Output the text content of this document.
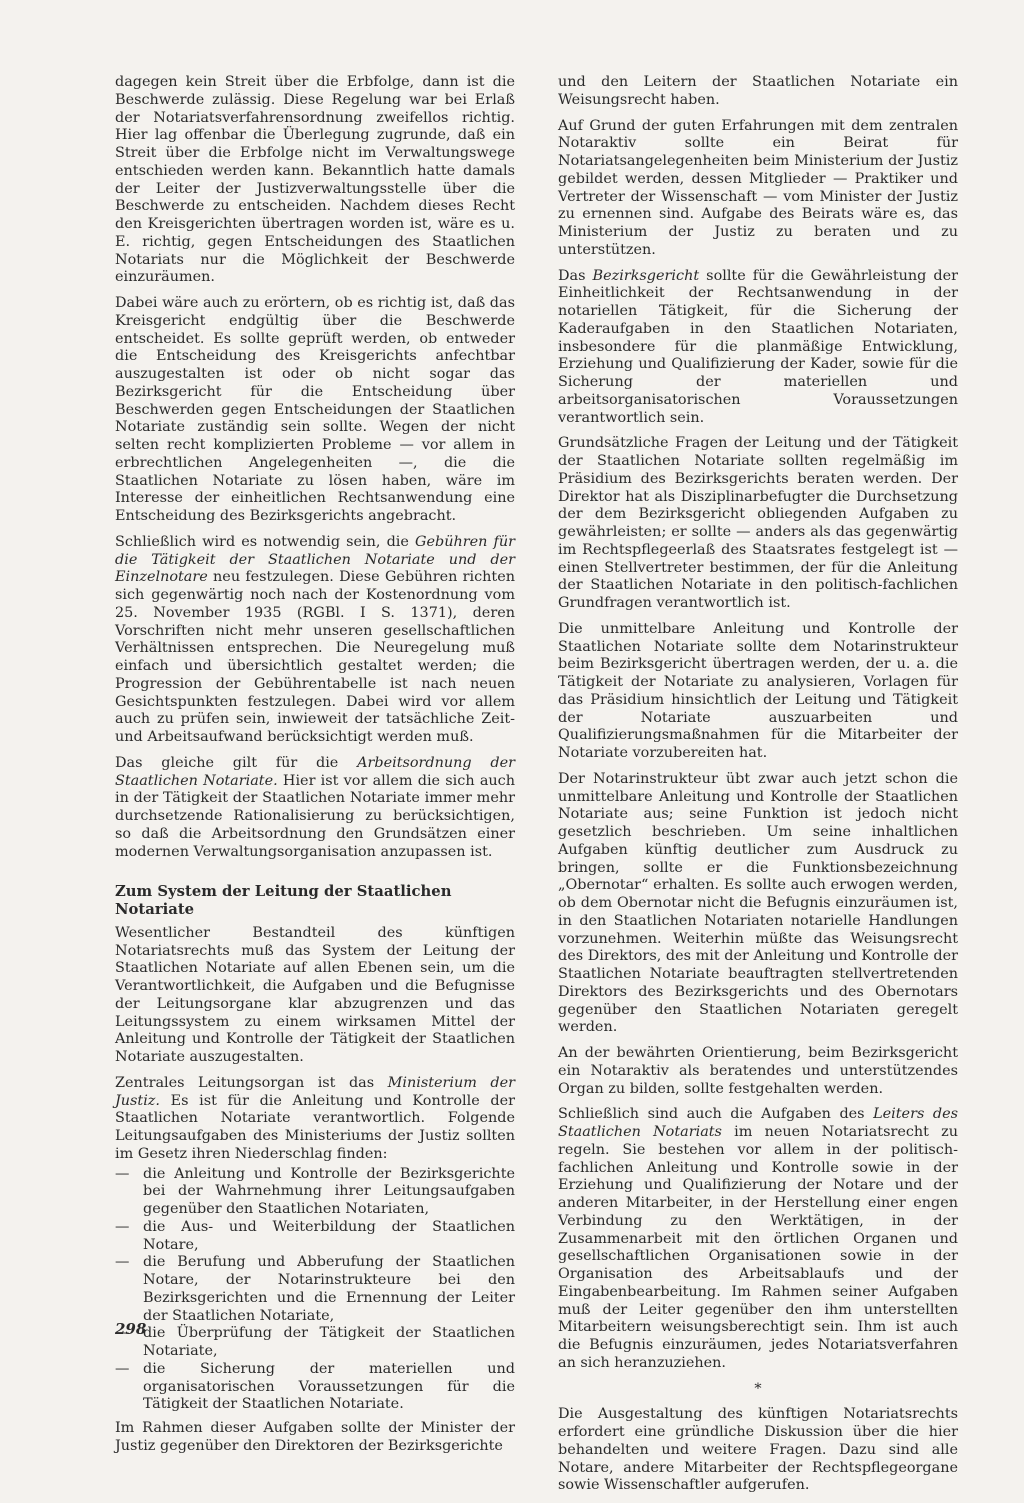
dagegen kein Streit über die Erbfolge, dann ist die Beschwerde zulässig. Diese Regelung war bei Erlaß der Notariatsverfahrensordnung zweifellos richtig. Hier lag offenbar die Überlegung zugrunde, daß ein Streit über die Erbfolge nicht im Verwaltungswege entschieden werden kann. Bekanntlich hatte damals der Leiter der Justizverwaltungsstelle über die Beschwerde zu entscheiden. Nachdem dieses Recht den Kreisgerichten übertragen worden ist, wäre es u. E. richtig, gegen Entscheidungen des Staatlichen Notariats nur die Möglichkeit der Beschwerde einzuräumen.

Dabei wäre auch zu erörtern, ob es richtig ist, daß das Kreisgericht endgültig über die Beschwerde entscheidet. Es sollte geprüft werden, ob entweder die Entscheidung des Kreisgerichts anfechtbar auszugestalten ist oder ob nicht sogar das Bezirksgericht für die Entscheidung über Beschwerden gegen Entscheidungen der Staatlichen Notariate zuständig sein sollte. Wegen der nicht selten recht komplizierten Probleme — vor allem in erbrechtlichen Angelegenheiten —, die die Staatlichen Notariate zu lösen haben, wäre im Interesse der einheitlichen Rechtsanwendung eine Entscheidung des Bezirksgerichts angebracht.

Schließlich wird es notwendig sein, die Gebühren für die Tätigkeit der Staatlichen Notariate und der Einzelnotare neu festzulegen. Diese Gebühren richten sich gegenwärtig noch nach der Kostenordnung vom 25. November 1935 (RGBl. I S. 1371), deren Vorschriften nicht mehr unseren gesellschaftlichen Verhältnissen entsprechen. Die Neuregelung muß einfach und übersichtlich gestaltet werden; die Progression der Gebührentabelle ist nach neuen Gesichtspunkten festzulegen. Dabei wird vor allem auch zu prüfen sein, inwieweit der tatsächliche Zeit- und Arbeitsaufwand berücksichtigt werden muß.

Das gleiche gilt für die Arbeitsordnung der Staatlichen Notariate. Hier ist vor allem die sich auch in der Tätigkeit der Staatlichen Notariate immer mehr durchsetzende Rationalisierung zu berücksichtigen, so daß die Arbeitsordnung den Grundsätzen einer modernen Verwaltungsorganisation anzupassen ist.

Zum System der Leitung der Staatlichen Notariate

Wesentlicher Bestandteil des künftigen Notariatsrechts muß das System der Leitung der Staatlichen Notariate auf allen Ebenen sein, um die Verantwortlichkeit, die Aufgaben und die Befugnisse der Leitungsorgane klar abzugrenzen und das Leitungssystem zu einem wirksamen Mittel der Anleitung und Kontrolle der Tätigkeit der Staatlichen Notariate auszugestalten.

Zentrales Leitungsorgan ist das Ministerium der Justiz. Es ist für die Anleitung und Kontrolle der Staatlichen Notariate verantwortlich. Folgende Leitungsaufgaben des Ministeriums der Justiz sollten im Gesetz ihren Niederschlag finden:

— die Anleitung und Kontrolle der Bezirksgerichte bei der Wahrnehmung ihrer Leitungsaufgaben gegenüber den Staatlichen Notariaten,
— die Aus- und Weiterbildung der Staatlichen Notare,
— die Berufung und Abberufung der Staatlichen Notare, der Notarinstrukteure bei den Bezirksgerichten und die Ernennung der Leiter der Staatlichen Notariate,
— die Überprüfung der Tätigkeit der Staatlichen Notariate,
— die Sicherung der materiellen und organisatorischen Voraussetzungen für die Tätigkeit der Staatlichen Notariate.

Im Rahmen dieser Aufgaben sollte der Minister der Justiz gegenüber den Direktoren der Bezirksgerichte

und den Leitern der Staatlichen Notariate ein Weisungsrecht haben.

Auf Grund der guten Erfahrungen mit dem zentralen Notaraktiv sollte ein Beirat für Notariatsangelegenheiten beim Ministerium der Justiz gebildet werden, dessen Mitglieder — Praktiker und Vertreter der Wissenschaft — vom Minister der Justiz zu ernennen sind. Aufgabe des Beirats wäre es, das Ministerium der Justiz zu beraten und zu unterstützen.

Das Bezirksgericht sollte für die Gewährleistung der Einheitlichkeit der Rechtsanwendung in der notariellen Tätigkeit, für die Sicherung der Kaderaufgaben in den Staatlichen Notariaten, insbesondere für die planmäßige Entwicklung, Erziehung und Qualifizierung der Kader, sowie für die Sicherung der materiellen und arbeitsorganisatorischen Voraussetzungen verantwortlich sein.

Grundsätzliche Fragen der Leitung und der Tätigkeit der Staatlichen Notariate sollten regelmäßig im Präsidium des Bezirksgerichts beraten werden. Der Direktor hat als Disziplinarbefugter die Durchsetzung der dem Bezirksgericht obliegenden Aufgaben zu gewährleisten; er sollte — anders als das gegenwärtig im Rechtspflegeerlaß des Staatsrates festgelegt ist — einen Stellvertreter bestimmen, der für die Anleitung der Staatlichen Notariate in den politisch-fachlichen Grundfragen verantwortlich ist.

Die unmittelbare Anleitung und Kontrolle der Staatlichen Notariate sollte dem Notarinstrukteur beim Bezirksgericht übertragen werden, der u. a. die Tätigkeit der Notariate zu analysieren, Vorlagen für das Präsidium hinsichtlich der Leitung und Tätigkeit der Notariate auszuarbeiten und Qualifizierungsmaßnahmen für die Mitarbeiter der Notariate vorzubereiten hat.

Der Notarinstrukteur übt zwar auch jetzt schon die unmittelbare Anleitung und Kontrolle der Staatlichen Notariate aus; seine Funktion ist jedoch nicht gesetzlich beschrieben. Um seine inhaltlichen Aufgaben künftig deutlicher zum Ausdruck zu bringen, sollte er die Funktionsbezeichnung „Obernotar“ erhalten. Es sollte auch erwogen werden, ob dem Obernotar nicht die Befugnis einzuräumen ist, in den Staatlichen Notariaten notarielle Handlungen vorzunehmen. Weiterhin müßte das Weisungsrecht des Direktors, des mit der Anleitung und Kontrolle der Staatlichen Notariate beauftragten stellvertretenden Direktors des Bezirksgerichts und des Obernotars gegenüber den Staatlichen Notariaten geregelt werden.

An der bewährten Orientierung, beim Bezirksgericht ein Notaraktiv als beratendes und unterstützendes Organ zu bilden, sollte festgehalten werden.

Schließlich sind auch die Aufgaben des Leiters des Staatlichen Notariats im neuen Notariatsrecht zu regeln. Sie bestehen vor allem in der politisch-fachlichen Anleitung und Kontrolle sowie in der Erziehung und Qualifizierung der Notare und der anderen Mitarbeiter, in der Herstellung einer engen Verbindung zu den Werktätigen, in der Zusammenarbeit mit den örtlichen Organen und gesellschaftlichen Organisationen sowie in der Organisation des Arbeitsablaufs und der Eingabenbearbeitung. Im Rahmen seiner Aufgaben muß der Leiter gegenüber den ihm unterstellten Mitarbeitern weisungsberechtigt sein. Ihm ist auch die Befugnis einzuräumen, jedes Notariatsverfahren an sich heranzuziehen.

*

Die Ausgestaltung des künftigen Notariatsrechts erfordert eine gründliche Diskussion über die hier behandelten und weitere Fragen. Dazu sind alle Notare, andere Mitarbeiter der Rechtspflegeorgane sowie Wissenschaftler aufgerufen.

298
